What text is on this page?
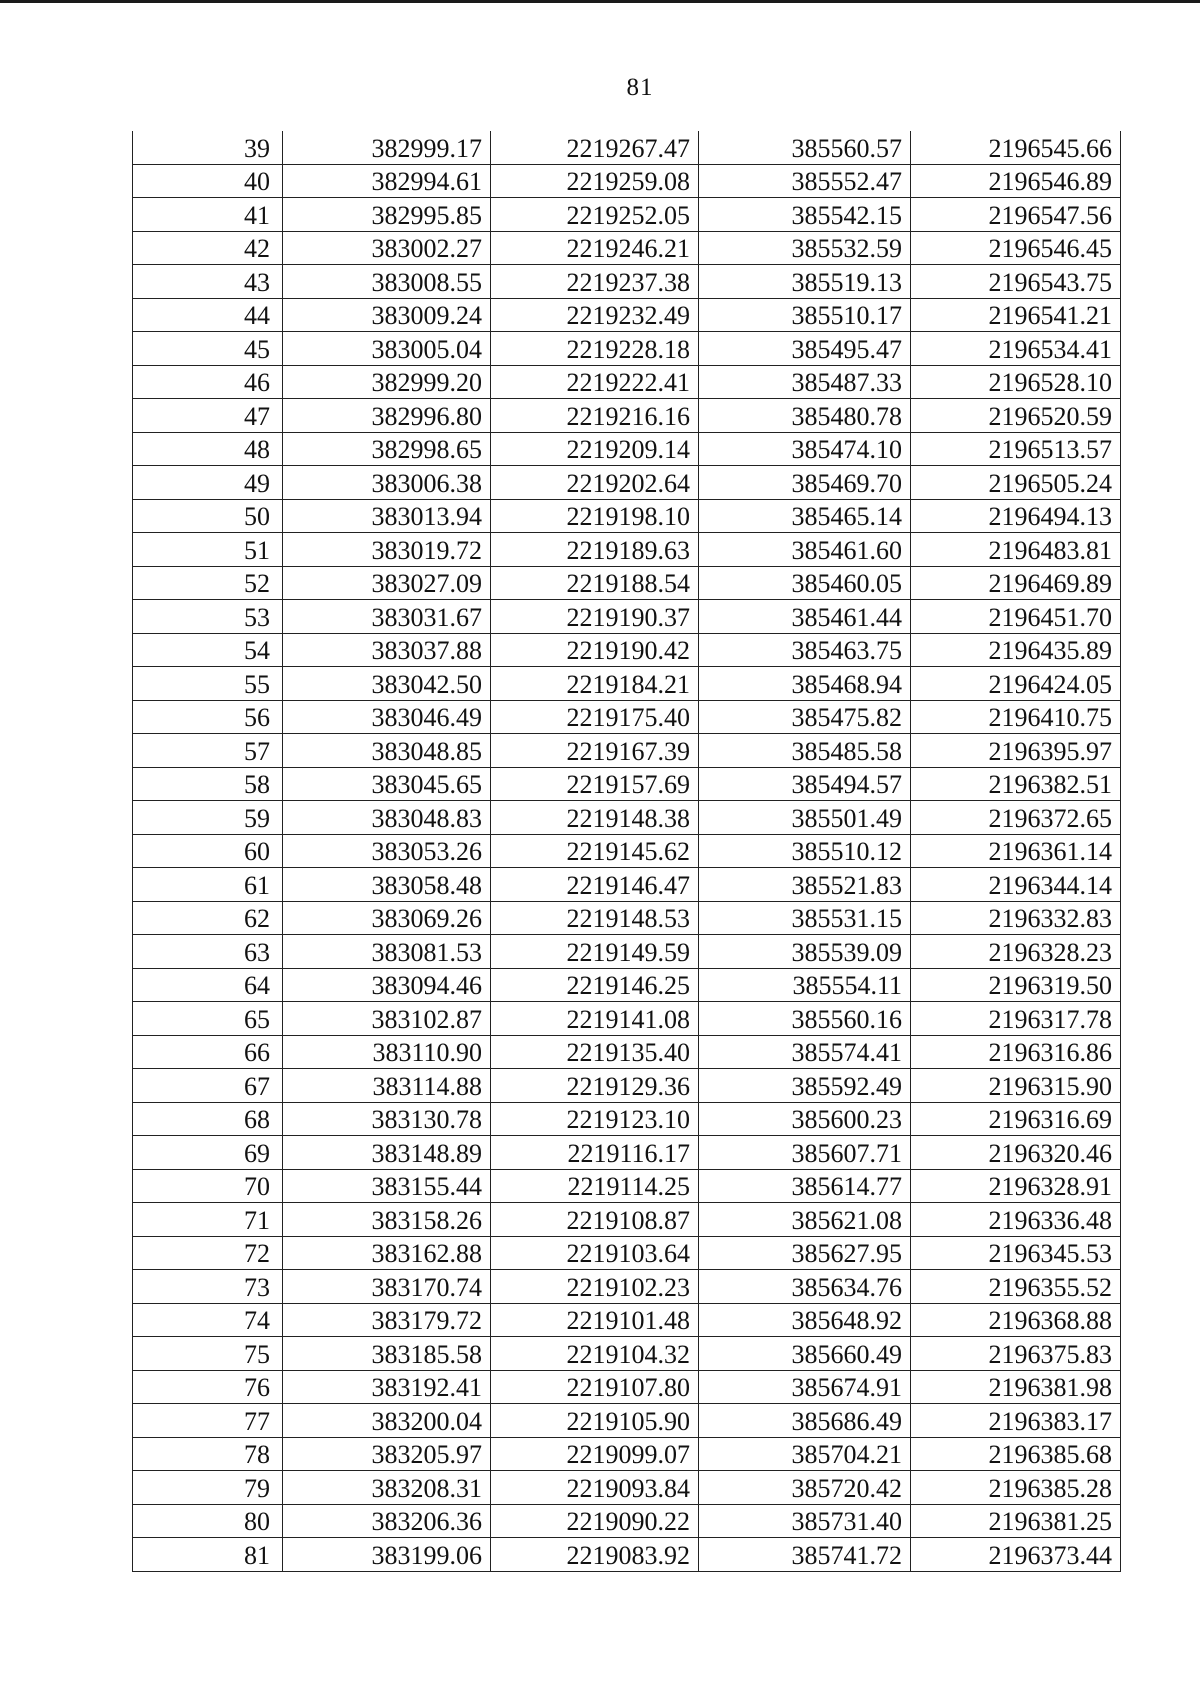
81
39	382999.17	2219267.47	385560.57	2196545.66
40	382994.61	2219259.08	385552.47	2196546.89
41	382995.85	2219252.05	385542.15	2196547.56
42	383002.27	2219246.21	385532.59	2196546.45
43	383008.55	2219237.38	385519.13	2196543.75
44	383009.24	2219232.49	385510.17	2196541.21
45	383005.04	2219228.18	385495.47	2196534.41
46	382999.20	2219222.41	385487.33	2196528.10
47	382996.80	2219216.16	385480.78	2196520.59
48	382998.65	2219209.14	385474.10	2196513.57
49	383006.38	2219202.64	385469.70	2196505.24
50	383013.94	2219198.10	385465.14	2196494.13
51	383019.72	2219189.63	385461.60	2196483.81
52	383027.09	2219188.54	385460.05	2196469.89
53	383031.67	2219190.37	385461.44	2196451.70
54	383037.88	2219190.42	385463.75	2196435.89
55	383042.50	2219184.21	385468.94	2196424.05
56	383046.49	2219175.40	385475.82	2196410.75
57	383048.85	2219167.39	385485.58	2196395.97
58	383045.65	2219157.69	385494.57	2196382.51
59	383048.83	2219148.38	385501.49	2196372.65
60	383053.26	2219145.62	385510.12	2196361.14
61	383058.48	2219146.47	385521.83	2196344.14
62	383069.26	2219148.53	385531.15	2196332.83
63	383081.53	2219149.59	385539.09	2196328.23
64	383094.46	2219146.25	385554.11	2196319.50
65	383102.87	2219141.08	385560.16	2196317.78
66	383110.90	2219135.40	385574.41	2196316.86
67	383114.88	2219129.36	385592.49	2196315.90
68	383130.78	2219123.10	385600.23	2196316.69
69	383148.89	2219116.17	385607.71	2196320.46
70	383155.44	2219114.25	385614.77	2196328.91
71	383158.26	2219108.87	385621.08	2196336.48
72	383162.88	2219103.64	385627.95	2196345.53
73	383170.74	2219102.23	385634.76	2196355.52
74	383179.72	2219101.48	385648.92	2196368.88
75	383185.58	2219104.32	385660.49	2196375.83
76	383192.41	2219107.80	385674.91	2196381.98
77	383200.04	2219105.90	385686.49	2196383.17
78	383205.97	2219099.07	385704.21	2196385.68
79	383208.31	2219093.84	385720.42	2196385.28
80	383206.36	2219090.22	385731.40	2196381.25
81	383199.06	2219083.92	385741.72	2196373.44
